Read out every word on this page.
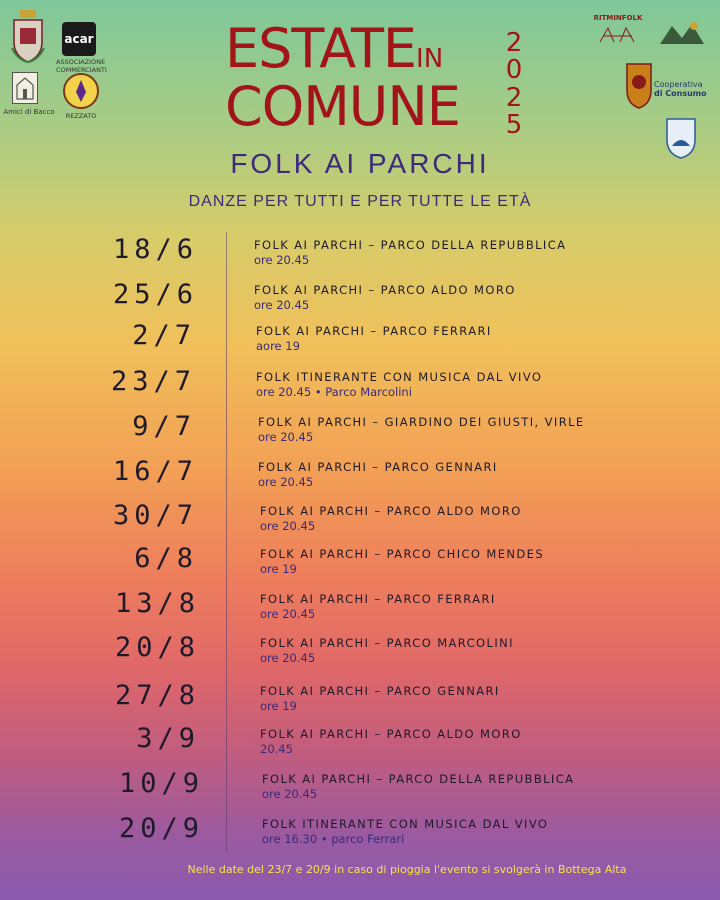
acar
ASSOCIAZIONE
COMMERCIANTI
Amici di Bacco	REZZATO
RITMINFOLK
Cooperativa
di Consumo
ESTATEIN
COMUNE
2
0
2
5
FOLK AI PARCHI
DANZE PER TUTTI E PER TUTTE LE ETÀ
18/6	FOLK AI PARCHI – PARCO DELLA REPUBBLICA
ore 20.45
25/6	FOLK AI PARCHI – PARCO ALDO MORO
ore 20.45
2/7	FOLK AI PARCHI – PARCO FERRARI
aore 19
23/7	FOLK ITINERANTE CON MUSICA DAL VIVO
ore 20.45 • Parco Marcolini
9/7	FOLK AI PARCHI – GIARDINO DEI GIUSTI, VIRLE
ore 20.45
16/7	FOLK AI PARCHI – PARCO GENNARI
ore 20.45
30/7	FOLK AI PARCHI – PARCO ALDO MORO
ore 20.45
6/8	FOLK AI PARCHI – PARCO CHICO MENDES
ore 19
13/8	FOLK AI PARCHI – PARCO FERRARI
ore 20.45
20/8	FOLK AI PARCHI – PARCO MARCOLINI
ore 20.45
27/8	FOLK AI PARCHI – PARCO GENNARI
ore 19
3/9	FOLK AI PARCHI – PARCO ALDO MORO
20.45
10/9	FOLK AI PARCHI – PARCO DELLA REPUBBLICA
ore 20.45
20/9	FOLK ITINERANTE CON MUSICA DAL VIVO
ore 16.30 • parco Ferrari
Nelle date del 23/7 e 20/9 in caso di pioggia l'evento si svolgerà in Bottega Alta
